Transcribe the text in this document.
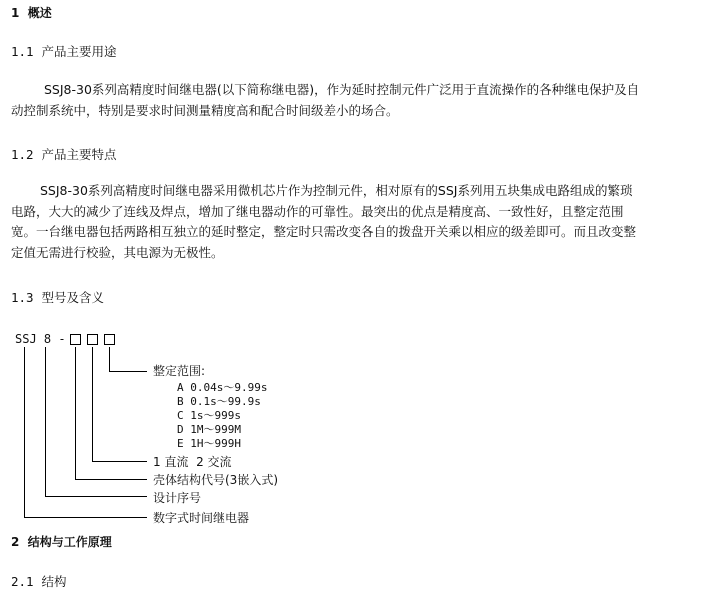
1 概述
1.1 产品主要用途
SSJ8-30系列高精度时间继电器(以下简称继电器)，作为延时控制元件广泛用于直流操作的各种继电保护及自
动控制系统中，特别是要求时间测量精度高和配合时间级差小的场合。
1.2 产品主要特点
SSJ8-30系列高精度时间继电器采用微机芯片作为控制元件，相对原有的SSJ系列用五块集成电路组成的繁琐
电路，大大的减少了连线及焊点，增加了继电器动作的可靠性。最突出的优点是精度高、一致性好，且整定范围
宽。一台继电器包括两路相互独立的延时整定，整定时只需改变各自的拨盘开关乘以相应的级差即可。而且改变整
定值无需进行校验，其电源为无极性。
1.3 型号及含义
SSJ 8 -
整定范围:
A 0.04s～9.99s
B 0.1s～99.9s
C 1s～999s
D 1M～999M
E 1H～999H
1 直流  2 交流
壳体结构代号(3嵌入式)
设计序号
数字式时间继电器
2 结构与工作原理
2.1 结构
